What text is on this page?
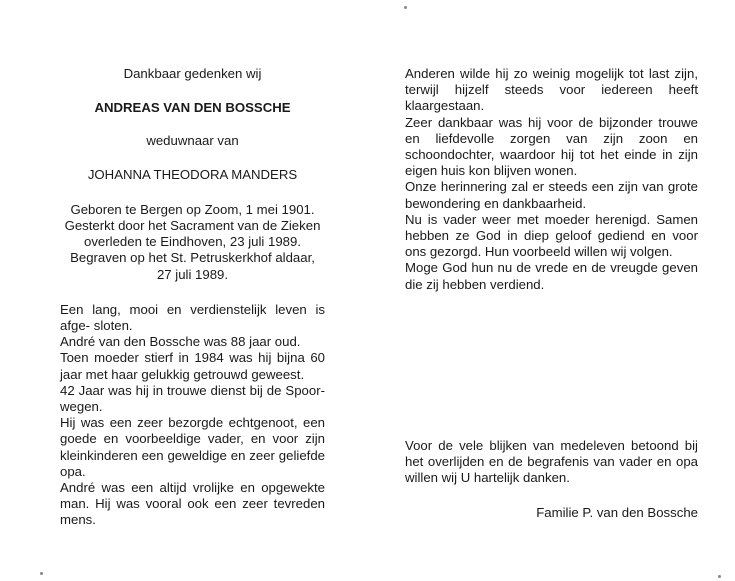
Dankbaar gedenken wij

ANDREAS VAN DEN BOSSCHE

weduwnaar van

JOHANNA THEODORA MANDERS

Geboren te Bergen op Zoom, 1 mei 1901.

Gesterkt door het Sacrament van de Zieken

overleden te Eindhoven, 23 juli 1989.

Begraven op het St. Petruskerkhof aldaar,

27 juli 1989.

Een lang, mooi en verdienstelijk leven is afge- sloten.

André van den Bossche was 88 jaar oud.

Toen moeder stierf in 1984 was hij bijna 60 jaar met haar gelukkig getrouwd geweest.

42 Jaar was hij in trouwe dienst bij de Spoor- wegen.

Hij was een zeer bezorgde echtgenoot, een goede en voorbeeldige vader, en voor zijn kleinkinderen een geweldige en zeer geliefde opa.

André was een altijd vrolijke en opgewekte man. Hij was vooral ook een zeer tevreden mens.

Anderen wilde hij zo weinig mogelijk tot last zijn, terwijl hijzelf steeds voor iedereen heeft klaargestaan.

Zeer dankbaar was hij voor de bijzonder trouwe en liefdevolle zorgen van zijn zoon en schoondochter, waardoor hij tot het einde in zijn eigen huis kon blijven wonen.

Onze herinnering zal er steeds een zijn van grote bewondering en dankbaarheid.

Nu is vader weer met moeder herenigd. Samen hebben ze God in diep geloof gediend en voor ons gezorgd. Hun voorbeeld willen wij volgen.

Moge God hun nu de vrede en de vreugde geven die zij hebben verdiend.

Voor de vele blijken van medeleven betoond bij het overlijden en de begrafenis van vader en opa willen wij U hartelijk danken.

Familie P. van den Bossche
